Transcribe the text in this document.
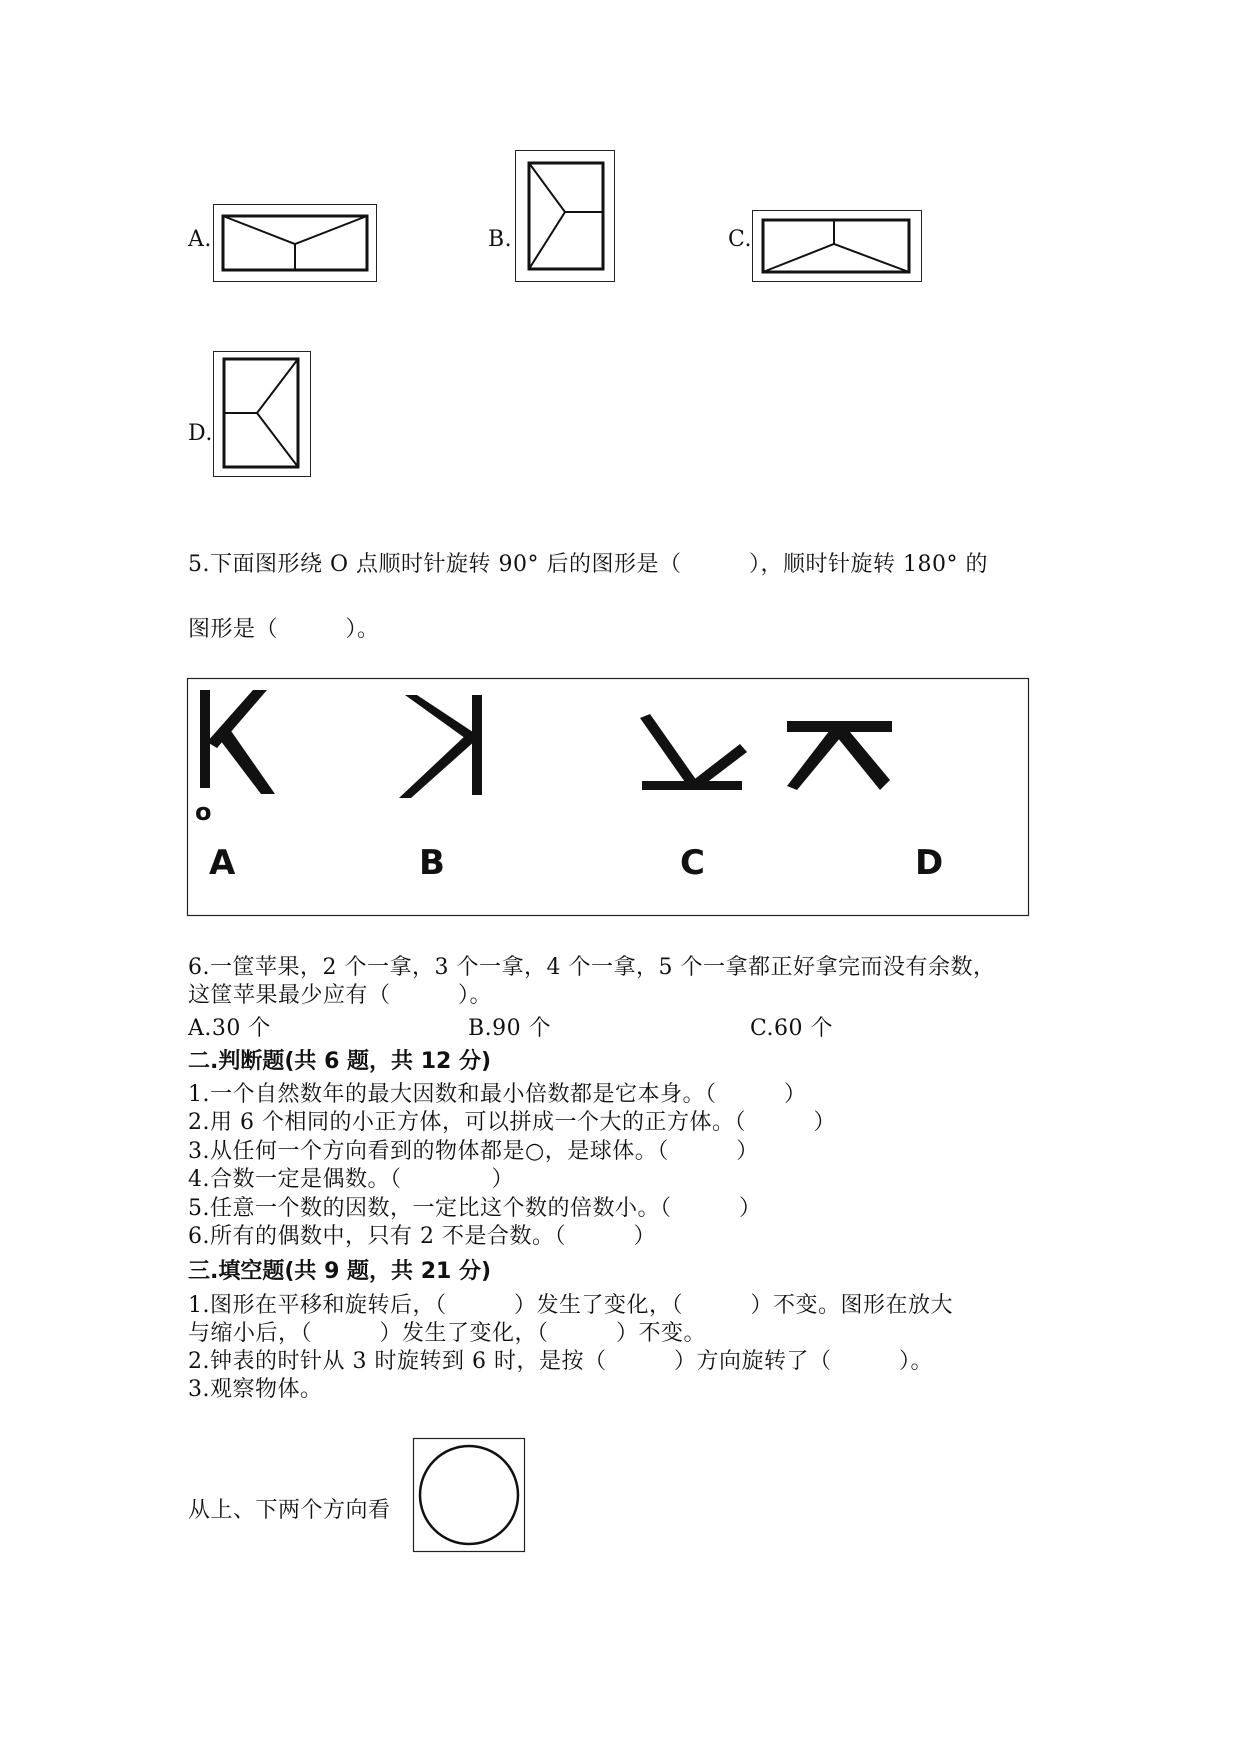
A.	B.	C.
D.
5.下面图形绕 O 点顺时针旋转 90° 后的图形是（　　　），顺时针旋转 180° 的
图形是（　　　）。
o
A	B	C	D
6.一筐苹果，2 个一拿，3 个一拿，4 个一拿，5 个一拿都正好拿完而没有余数，
这筐苹果最少应有（　　　）。
A.30 个	B.90 个	C.60 个
二.判断题(共 6 题，共 12 分)
1.一个自然数年的最大因数和最小倍数都是它本身。（　　　）
2.用 6 个相同的小正方体，可以拼成一个大的正方体。（　　　）
3.从任何一个方向看到的物体都是○，是球体。（　　　）
4.合数一定是偶数。（　　　　）
5.任意一个数的因数，一定比这个数的倍数小。（　　　）
6.所有的偶数中，只有 2 不是合数。（　　　）
三.填空题(共 9 题，共 21 分)
1.图形在平移和旋转后，（　　　）发生了变化，（　　　）不变。图形在放大
与缩小后，（　　　）发生了变化，（　　　）不变。
2.钟表的时针从 3 时旋转到 6 时，是按（　　　）方向旋转了（　　　）。
3.观察物体。
从上、下两个方向看
